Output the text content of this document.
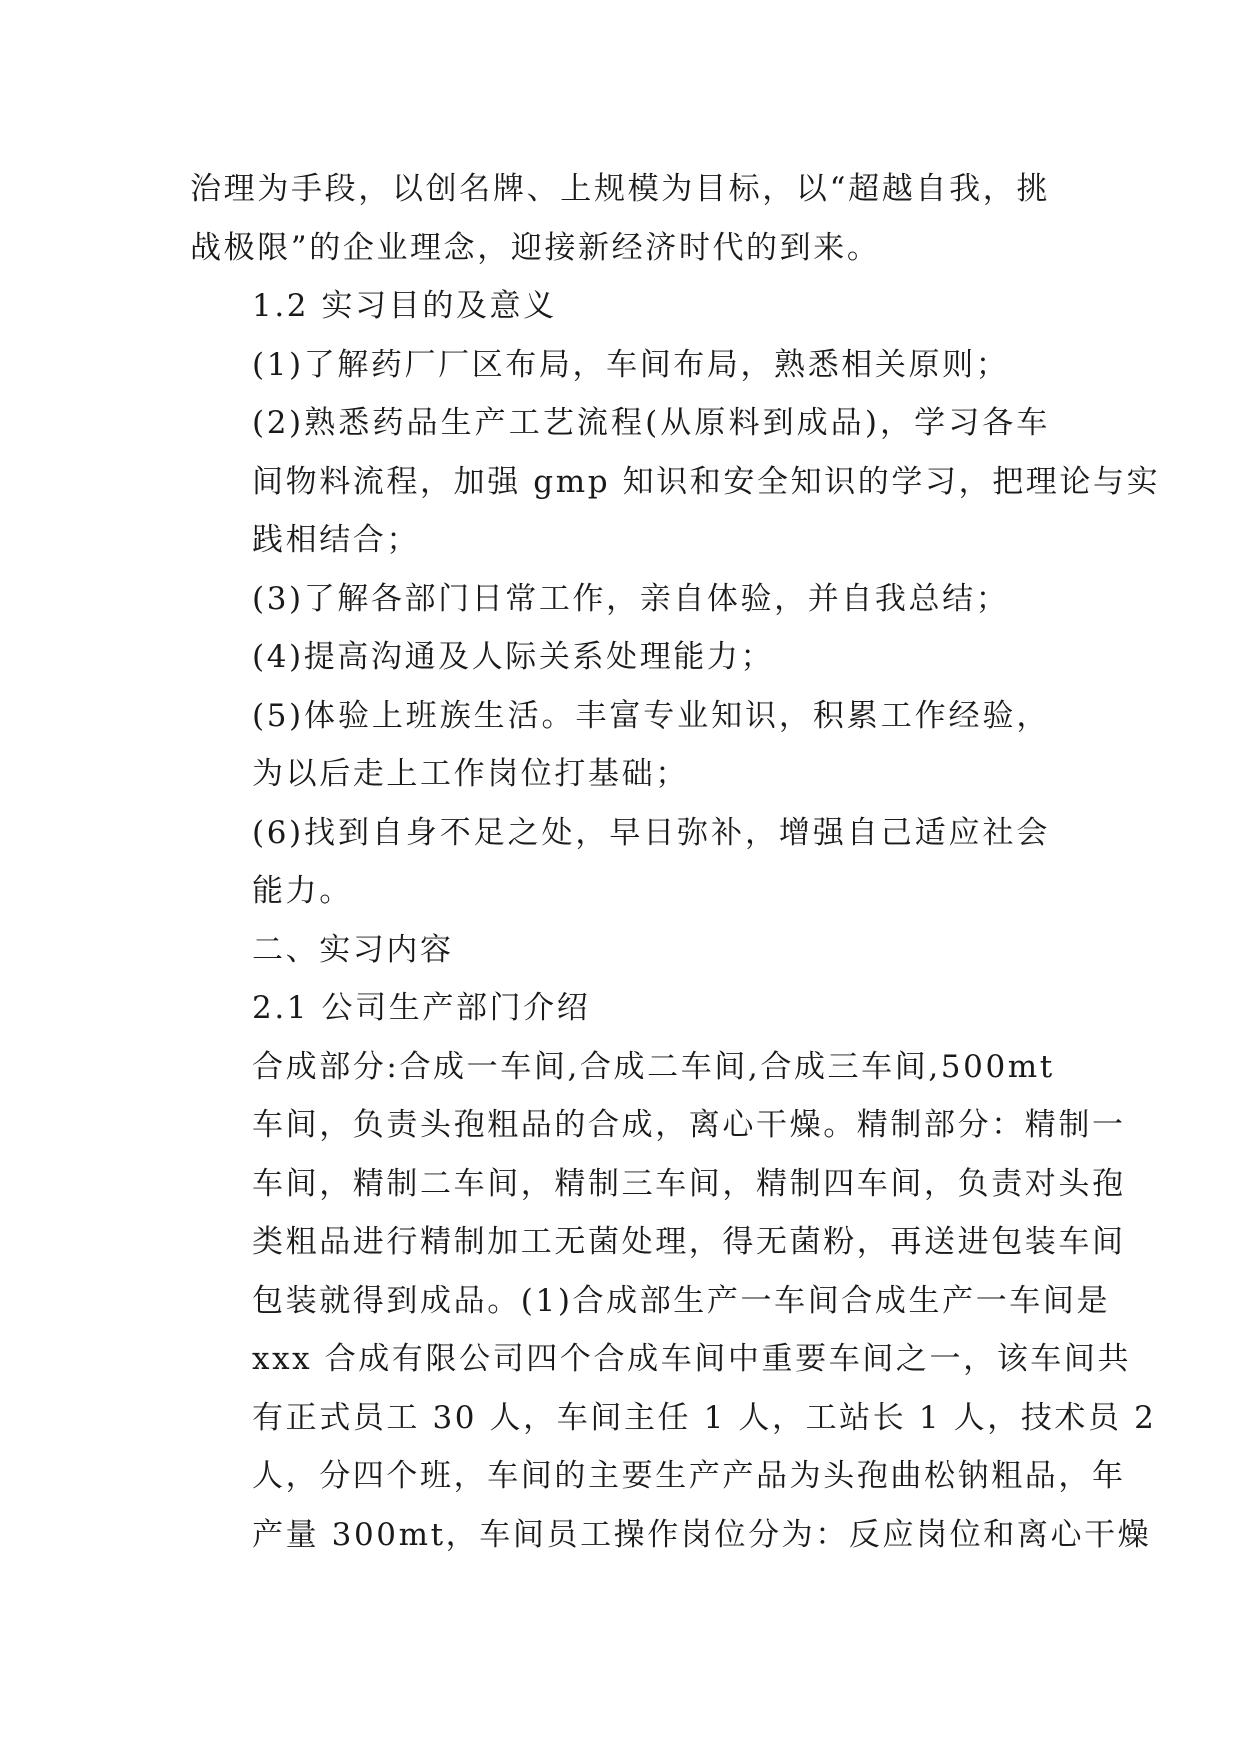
治理为手段，以创名牌、上规模为目标，以“超越自我，挑
战极限”的企业理念，迎接新经济时代的到来。

1.2 实习目的及意义

(1)了解药厂厂区布局，车间布局，熟悉相关原则；

(2)熟悉药品生产工艺流程(从原料到成品)，学习各车
间物料流程，加强 gmp 知识和安全知识的学习，把理论与实
践相结合；

(3)了解各部门日常工作，亲自体验，并自我总结；

(4)提高沟通及人际关系处理能力；

(5)体验上班族生活。丰富专业知识，积累工作经验，
为以后走上工作岗位打基础；

(6)找到自身不足之处，早日弥补，增强自己适应社会
能力。

二、实习内容

2.1 公司生产部门介绍

合成部分:合成一车间,合成二车间,合成三车间,500mt
车间，负责头孢粗品的合成，离心干燥。精制部分：精制一
车间，精制二车间，精制三车间，精制四车间，负责对头孢
类粗品进行精制加工无菌处理，得无菌粉，再送进包装车间
包装就得到成品。(1)合成部生产一车间合成生产一车间是
xxx 合成有限公司四个合成车间中重要车间之一，该车间共
有正式员工 30 人，车间主任 1 人，工站长 1 人，技术员 2
人，分四个班，车间的主要生产产品为头孢曲松钠粗品，年
产量 300mt，车间员工操作岗位分为：反应岗位和离心干燥
